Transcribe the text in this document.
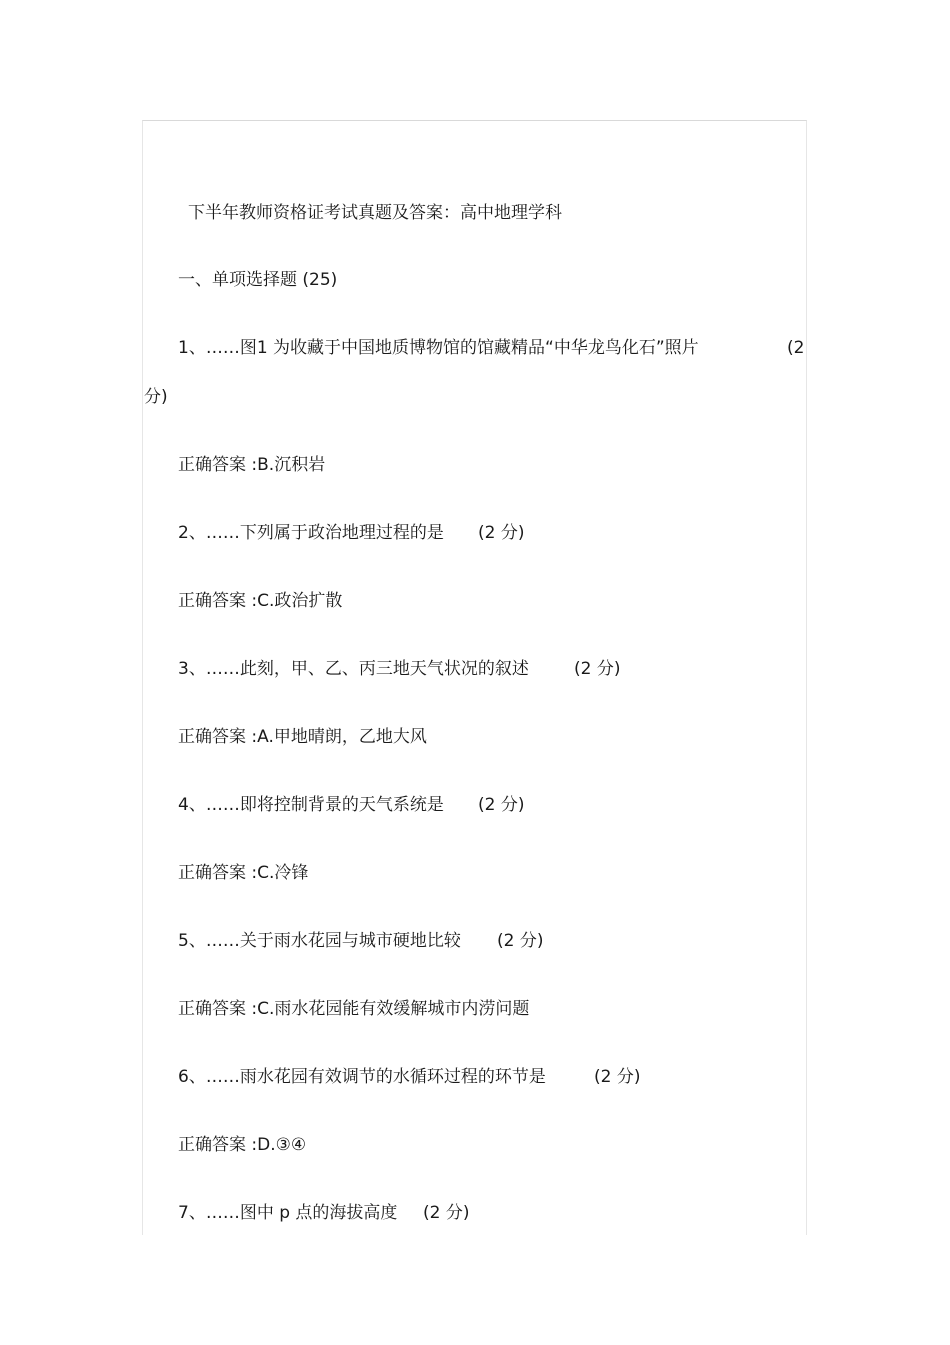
下半年教师资格证考试真题及答案：高中地理学科
一、单项选择题 (25)
1、……图1 为收藏于中国地质博物馆的馆藏精品“中华龙鸟化石”照片	(2
分)
正确答案 :B.沉积岩
2、……下列属于政治地理过程的是 (2 分)
正确答案 :C.政治扩散
3、……此刻，甲、乙、丙三地天气状况的叙述	(2 分)
正确答案 :A.甲地晴朗，乙地大风
4、……即将控制背景的天气系统是 (2 分)
正确答案 :C.冷锋
5、……关于雨水花园与城市硬地比较 (2 分)
正确答案 :C.雨水花园能有效缓解城市内涝问题
6、……雨水花园有效调节的水循环过程的环节是	(2 分)
正确答案 :D.③④
7、……图中 p 点的海拔高度 (2 分)
